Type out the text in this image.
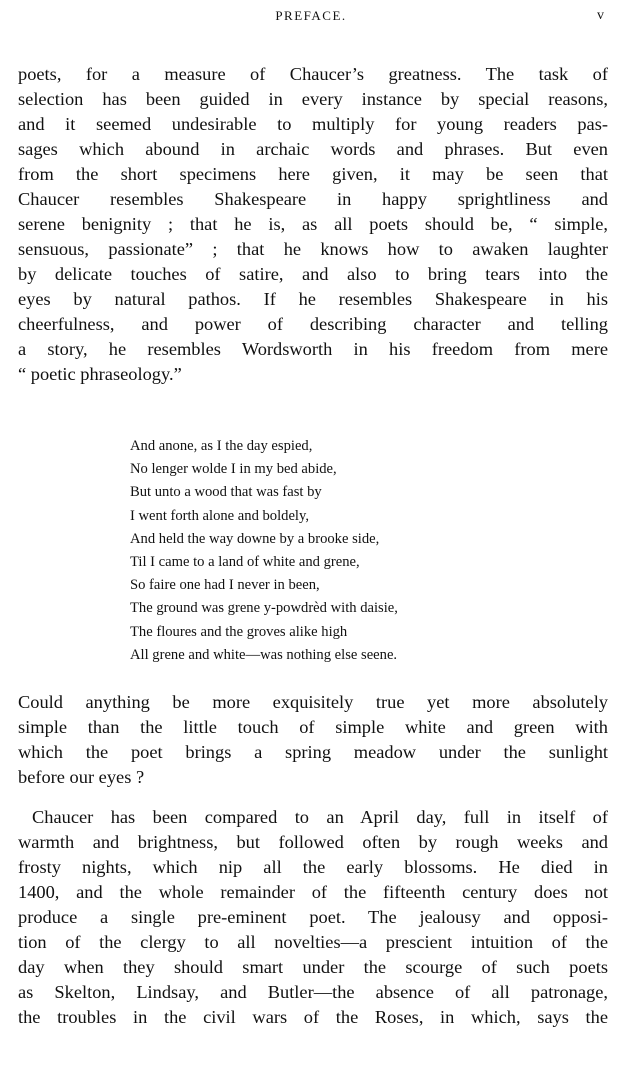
PREFACE.	v
poets, for a measure of Chaucer’s greatness. The task of
selection has been guided in every instance by special reasons,
and it seemed undesirable to multiply for young readers pas-
sages which abound in archaic words and phrases. But even
from the short specimens here given, it may be seen that
Chaucer resembles Shakespeare in happy sprightliness and
serene benignity ; that he is, as all poets should be, “ simple,
sensuous, passionate” ; that he knows how to awaken laughter
by delicate touches of satire, and also to bring tears into the
eyes by natural pathos. If he resembles Shakespeare in his
cheerfulness, and power of describing character and telling
a story, he resembles Wordsworth in his freedom from mere
“ poetic phraseology.”
And anone, as I the day espied,
No lenger wolde I in my bed abide,
But unto a wood that was fast by
I went forth alone and boldely,
And held the way downe by a brooke side,
Til I came to a land of white and grene,
So faire one had I never in been,
The ground was grene y-powdrèd with daisie,
The floures and the groves alike high
All grene and white—was nothing else seene.
Could anything be more exquisitely true yet more absolutely
simple than the little touch of simple white and green with
which the poet brings a spring meadow under the sunlight
before our eyes ?
Chaucer has been compared to an April day, full in itself of
warmth and brightness, but followed often by rough weeks and
frosty nights, which nip all the early blossoms. He died in
1400, and the whole remainder of the fifteenth century does not
produce a single pre-eminent poet. The jealousy and opposi-
tion of the clergy to all novelties—a prescient intuition of the
day when they should smart under the scourge of such poets
as Skelton, Lindsay, and Butler—the absence of all patronage,
the troubles in the civil wars of the Roses, in which, says the
